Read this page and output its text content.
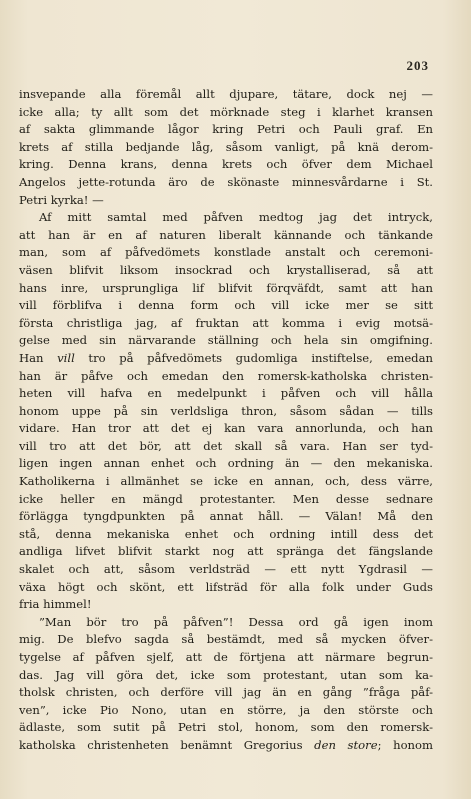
203
insvepande alla föremål allt djupare, tätare, dock nej —
icke alla; ty allt som det mörknade steg i klarhet kransen
af sakta glimmande lågor kring Petri och Pauli graf. En
krets af stilla bedjande låg, såsom vanligt, på knä derom-
kring. Denna krans, denna krets och öfver dem Michael
Angelos jette-rotunda äro de skönaste minnesvårdarne i St.
Petri kyrka! —
Af mitt samtal med påfven medtog jag det intryck,
att han är en af naturen liberalt kännande och tänkande
man, som af påfvedömets konstlade anstalt och ceremoni-
väsen blifvit liksom insockrad och krystalliserad, så att
hans inre, ursprungliga lif blifvit förqväfdt, samt att han
vill förblifva i denna form och vill icke mer se sitt
första christliga jag, af fruktan att komma i evig motsä-
gelse med sin närvarande ställning och hela sin omgifning.
Han vill tro på påfvedömets gudomliga instiftelse, emedan
han är påfve och emedan den romersk-katholska christen-
heten vill hafva en medelpunkt i påfven och vill hålla
honom uppe på sin verldsliga thron, såsom sådan — tills
vidare. Han tror att det ej kan vara annorlunda, och han
vill tro att det bör, att det skall så vara. Han ser tyd-
ligen ingen annan enhet och ordning än — den mekaniska.
Katholikerna i allmänhet se icke en annan, och, dess värre,
icke heller en mängd protestanter. Men desse sednare
förlägga tyngdpunkten på annat håll. — Välan! Må den
stå, denna mekaniska enhet och ordning intill dess det
andliga lifvet blifvit starkt nog att spränga det fängslande
skalet och att, såsom verldsträd — ett nytt Ygdrasil —
växa högt och skönt, ett lifsträd för alla folk under Guds
fria himmel!
”Man bör tro på påfven”! Dessa ord gå igen inom
mig. De blefvo sagda så bestämdt, med så mycken öfver-
tygelse af påfven sjelf, att de förtjena att närmare begrun-
das. Jag vill göra det, icke som protestant, utan som ka-
tholsk christen, och derföre vill jag än en gång ”fråga påf-
ven”, icke Pio Nono, utan en större, ja den störste och
ädlaste, som sutit på Petri stol, honom, som den romersk-
katholska christenheten benämnt Gregorius den store; honom
